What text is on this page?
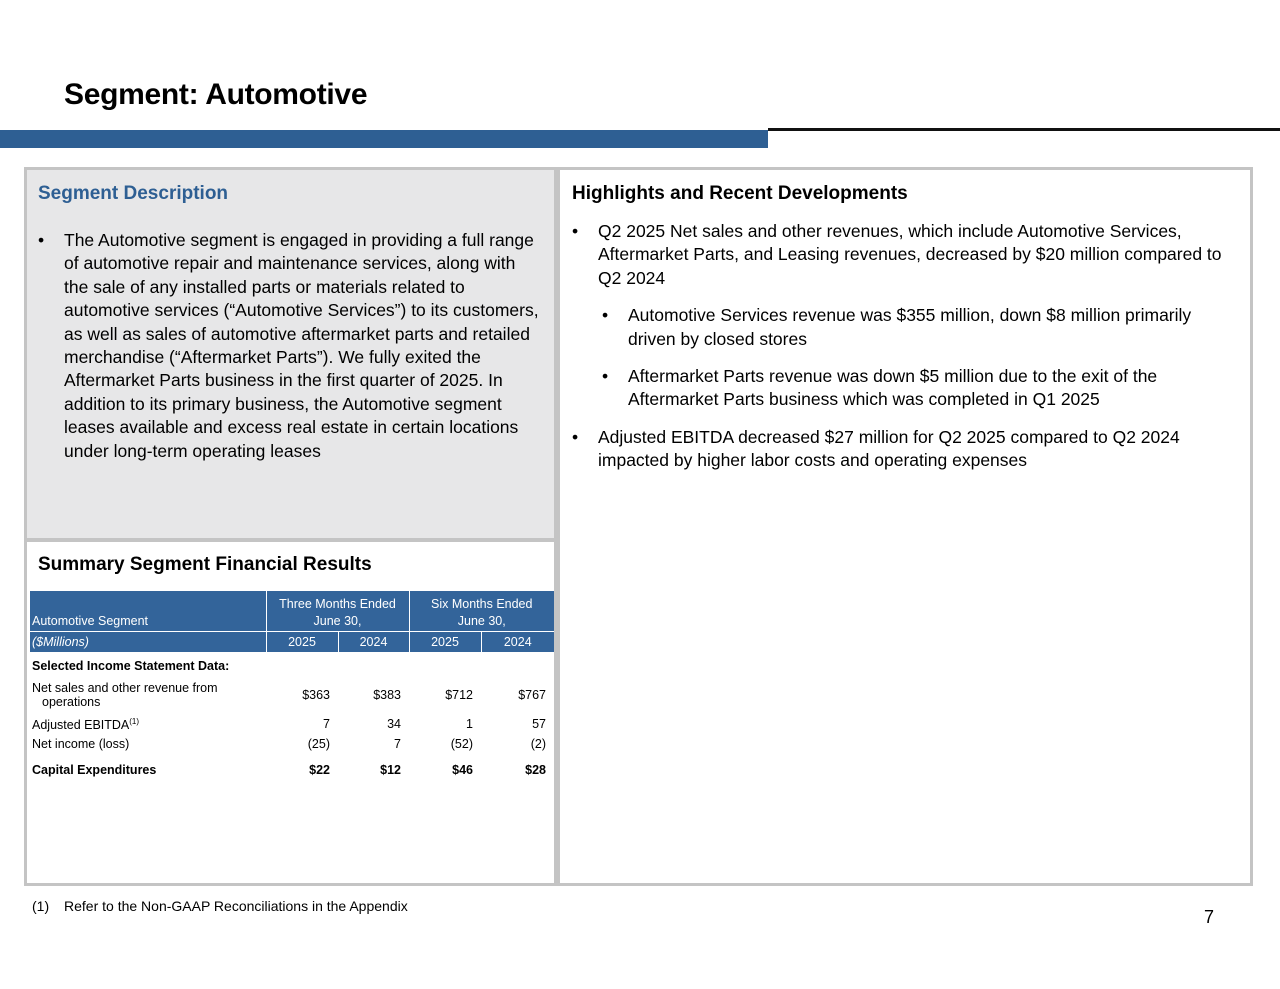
Segment: Automotive
Segment Description
• The Automotive segment is engaged in providing a full range of automotive repair and maintenance services, along with the sale of any installed parts or materials related to automotive services (“Automotive Services”) to its customers, as well as sales of automotive aftermarket parts and retailed merchandise (“Aftermarket Parts”). We fully exited the Aftermarket Parts business in the first quarter of 2025. In addition to its primary business, the Automotive segment leases available and excess real estate in certain locations under long-term operating leases
Highlights and Recent Developments
• Q2 2025 Net sales and other revenues, which include Automotive Services, Aftermarket Parts, and Leasing revenues, decreased by $20 million compared to Q2 2024
• Automotive Services revenue was $355 million, down $8 million primarily driven by closed stores
• Aftermarket Parts revenue was down $5 million due to the exit of the Aftermarket Parts business which was completed in Q1 2025
• Adjusted EBITDA decreased $27 million for Q2 2025 compared to Q2 2024 impacted by higher labor costs and operating expenses
Summary Segment Financial Results
Automotive Segment	Three Months Ended		Six Months Ended	
	June 30,		June 30,	
($Millions)	2025	2024	2025	2024
Selected Income Statement Data:				

Net sales and other revenue from
operations	$363	$383	$712	$767
Adjusted EBITDA$^{(1)}$	7	34	1	57
Net income (loss)	(25)	7	(52)	(2)

Capital Expenditures	$22	$12	$46	$28
(1) Refer to the Non-GAAP Reconciliations in the Appendix
7
